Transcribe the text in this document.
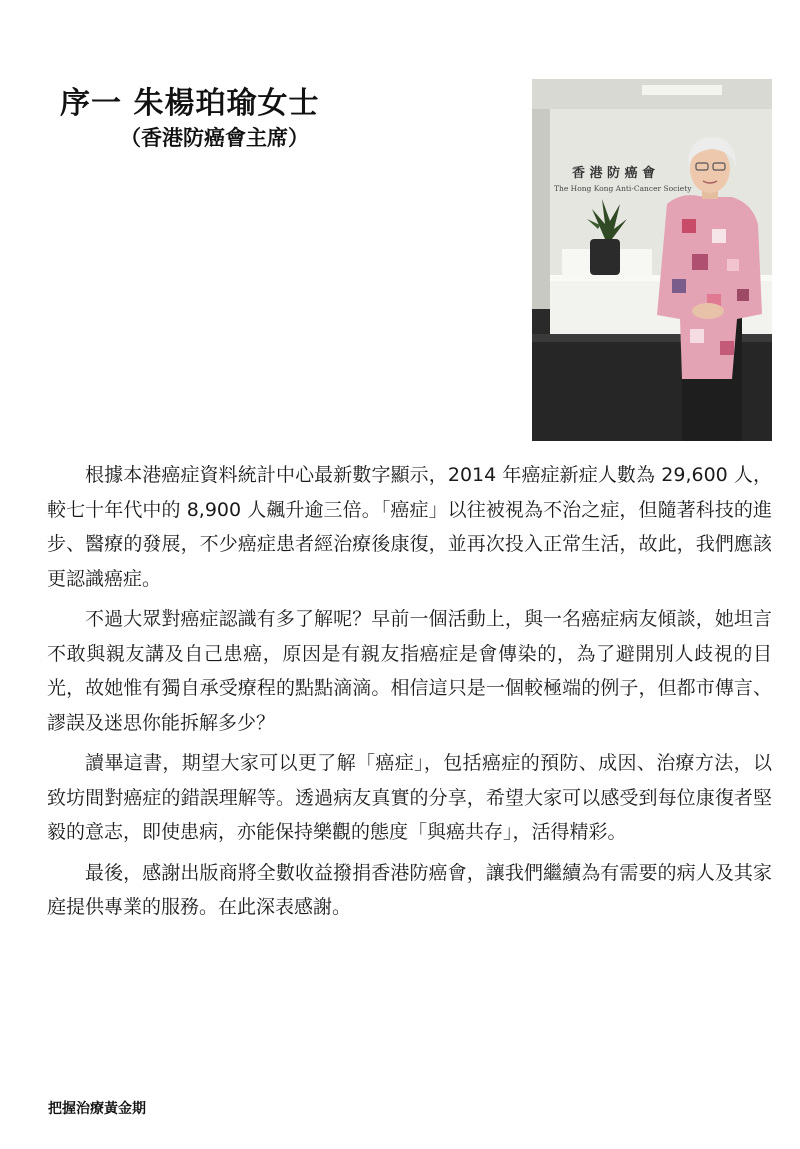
序一 朱楊珀瑜女士
（香港防癌會主席）
香 港 防 癌 會
The Hong Kong Anti-Cancer Society

根據本港癌症資料統計中心最新數字顯示，2014 年癌症新症人數為 29,600 人，較七十年代中的 8,900 人飆升逾三倍。「癌症」以往被視為不治之症，但隨著科技的進步、醫療的發展，不少癌症患者經治療後康復，並再次投入正常生活，故此，我們應該更認識癌症。

不過大眾對癌症認識有多了解呢？早前一個活動上，與一名癌症病友傾談，她坦言不敢與親友講及自己患癌，原因是有親友指癌症是會傳染的，為了避開別人歧視的目光，故她惟有獨自承受療程的點點滴滴。相信這只是一個較極端的例子，但都市傳言、謬誤及迷思你能拆解多少？

讀畢這書，期望大家可以更了解「癌症」，包括癌症的預防、成因、治療方法，以致坊間對癌症的錯誤理解等。透過病友真實的分享，希望大家可以感受到每位康復者堅毅的意志，即使患病，亦能保持樂觀的態度「與癌共存」，活得精彩。

最後，感謝出版商將全數收益撥捐香港防癌會，讓我們繼續為有需要的病人及其家庭提供專業的服務。在此深表感謝。

把握治療黃金期
